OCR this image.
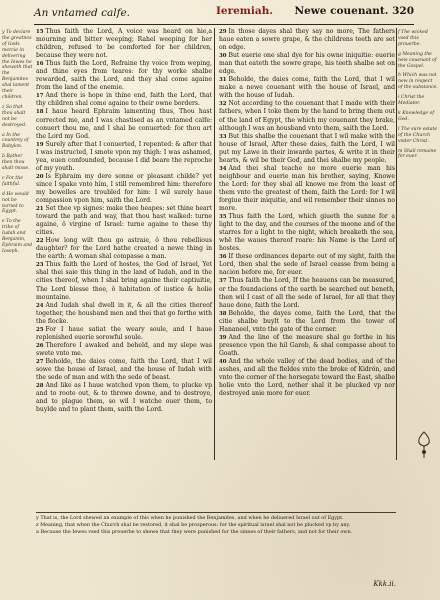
An vntamed calfe.	Ieremiah. Newe couenant. 320

y To declare the greatnes of Gods mercie in delivering the Iewes he sheweth that the Benjamites shal lament their children.

z So that thou shalt not be destroyed.

a In the countrey of Babylon.

b Rather then thou shalt misse.

c For the faithful.

d He would not be turned to Egypt.

e To the tribe of Iudah and Benjamin, Ephraim and Ioseph.

15 Thus faith the Lord, A voice was heard on hie,a mourning and bitter weeping; Rahel weeping for her children, refused to be comforted for her children, because they were not.

16 Thus faith the Lord, Refraine thy voice from weping, and thine eyes from teares: for thy worke shalbe rewarded, saith the Lord, and they shal come againe from the land of the enemie.

17 And there is hope in thine end, faith the Lord, that thy children shal come againe to their owne borders.

18 I haue heard Ephraim lamenting thus, Thou hast corrected me, and I was chastised as an vntamed calfe: conuert thou me, and I shal be conuerted: for thou art the Lord my God.

19 Surely after that I conuerted, I repented: & after that I was instructed, I smote vpon my thigh: I was ashamed, yea, euen confounded, because I did beare the reproche of my youth.

20 Is Ephraim my dere sonne or pleasant childe? yet since I spake vnto him, I still remembred him: therefore my bowelles are troubled for him: I wil surely haue compassion vpon him, saith the Lord.

21 Set thee vp signes: make thee heapes: set thine heart toward the path and way, that thou hast walked: turne againe, ô virgine of Israel: turne againe to these thy cities.

22 How long wilt thou go astraie, ô thou rebellious daughter? for the Lord hathe created a newe thing in the earth: A woman shal compasse a man.

23 Thus faith the Lord of hostes, the God of Israel, Yet shal thei saie this thing in the land of Iudah, and in the cities thereof, when I shal bring againe their captiuitie, The Lord blesse thee, ô habitation of iustice & holie mountaine.

24 And Iudah shal dwell in it, & all the cities thereof together, the housband men and thei that go forthe with the flocke.

25 For I haue satiat the weary soule, and I haue replenished euerie sorowful soule.

26 Therefore I awaked and beheld, and my slepe was swete vnto me.

27 Beholde, the daies come, faith the Lord, that I wil sowe the house of Israel, and the house of Iudah with the sede of man and with the sede of beast.

28 And like as I haue watched vpon them, to plucke vp and to roote out, & to throwe downe, and to destroye, and to plague them, so wil I watche ouer them, to buylde and to plant them, saith the Lord.

29 In those dayes shal they say no more, The fathers haue eaten a sowre grape, & the childrens teeth are set on edge.

30 But euerie one shal dye for his owne iniquitie: euerie man that eateth the sowre grape, his teeth shalbe set on edge.

31 Beholde, the daies come, faith the Lord, that I wil make a newe couenant with the house of Israel, and with the house of Iudah.

32 Not according to the couenant that I made with their fathers, when I toke them by the hand to bring them out of the land of Egypt, the which my couenant they brake, although I was an housband vnto them, saith the Lord.

33 But this shalbe the couenant that I wil make with the house of Israel, After these daies, faith the Lord, I wil put my Lawe in their inwarde partes, & write it in their hearts, & wil be their God, and thei shalbe my people.

34 And thei shal teache no more euerie man his neighbour and euerie man his brother, saying, Knowe the Lord: for they shal all knowe me from the least of them vnto the greatest of them, faith the Lord: for I wil forgiue their iniquitie, and wil remember their sinnes no more.

35 Thus faith the Lord, which giueth the sunne for a light to the day, and the courses of the moone and of the starres for a light to the night, which breaketh the sea, whē the waues thereof roare: his Name is the Lord of hostes.

36 If these ordinances departe out of my sight, faith the Lord, then shal the sede of Israel ceasse from being a nacion before me, for euer.

37 Thus faith the Lord, If the heauens can be measured, or the foundacions of the earth be searched out beneth, then wil I cast of all the sede of Israel, for all that they haue done, faith the Lord.

38 Beholde, the dayes come, faith the Lord, that the citie shalbe buylt to the Lord from the tower of Hananeel, vnto the gate of the corner.

39 And the line of the measure shal go forthe in his presence vpon the hil Gareb, & shal compasse about to Goath.

40 And the whole valley of the dead bodies, and of the asshes, and all the fieldes vnto the broke of Kidrón, and vnto the corner of the horsegate toward the East, shalbe holie vnto the Lord, nether shal it be plucked vp nor destroyed anie more for euer.

f The wicked vsed this prouerbe.

g Meaning the new couenant of the Gospel.

h Which was not new in respect of the substance.

i Christ the Mediator.

k Knowledge of God.

l The sure estate of the Church vnder Christ.

m Shall remaine for euer.

y That is, the Lord shewed an example of this when he punished the Benjamites, and when he deliuered Israel out of Egypt.

z Meaning, that when the Church shal be restored, it shal be prosperous: for the spiritual israel shal not be plucked vp by any.

a Because the Iewes vsed this prouerbe to shewe that they were punished for the sinnes of their fathers, and not for their own.

Kkk.ii.
